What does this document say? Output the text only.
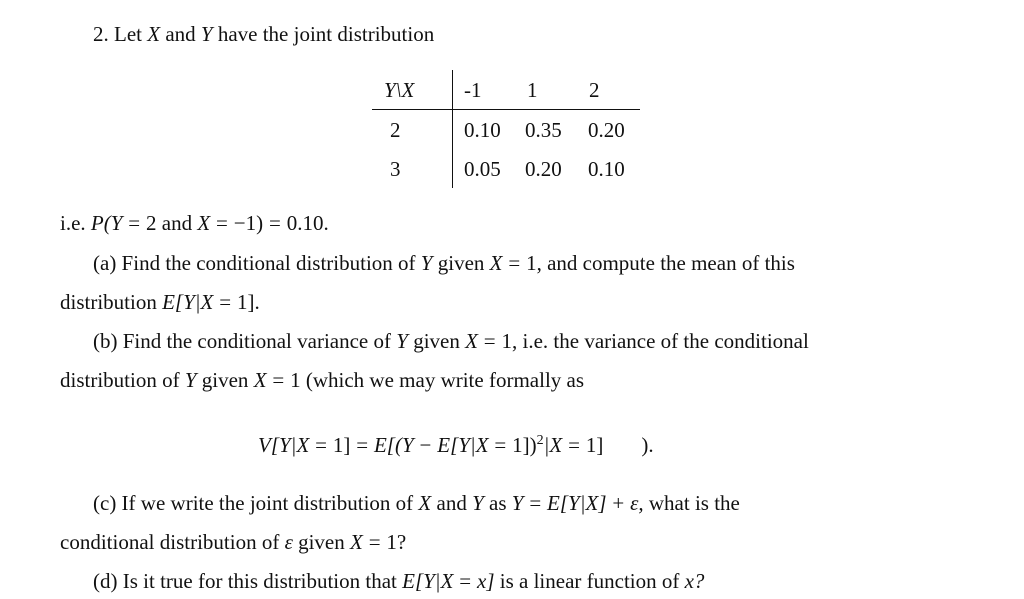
2. Let X and Y have the joint distribution
Y\X -1 1 2
2	0.10 0.35 0.20
3	0.05 0.20 0.10
i.e. P(Y = 2 and X = −1) = 0.10.
(a) Find the conditional distribution of Y given X = 1, and compute the mean of this
distribution E[Y|X = 1].
(b) Find the conditional variance of Y given X = 1, i.e. the variance of the conditional
distribution of Y given X = 1 (which we may write formally as
V[Y|X = 1] = E[(Y − E[Y|X = 1])$^2$|X = 1] ).
(c) If we write the joint distribution of X and Y as Y = E[Y|X] + ε, what is the
conditional distribution of ε given X = 1?
(d) Is it true for this distribution that E[Y|X = x] is a linear function of x?
